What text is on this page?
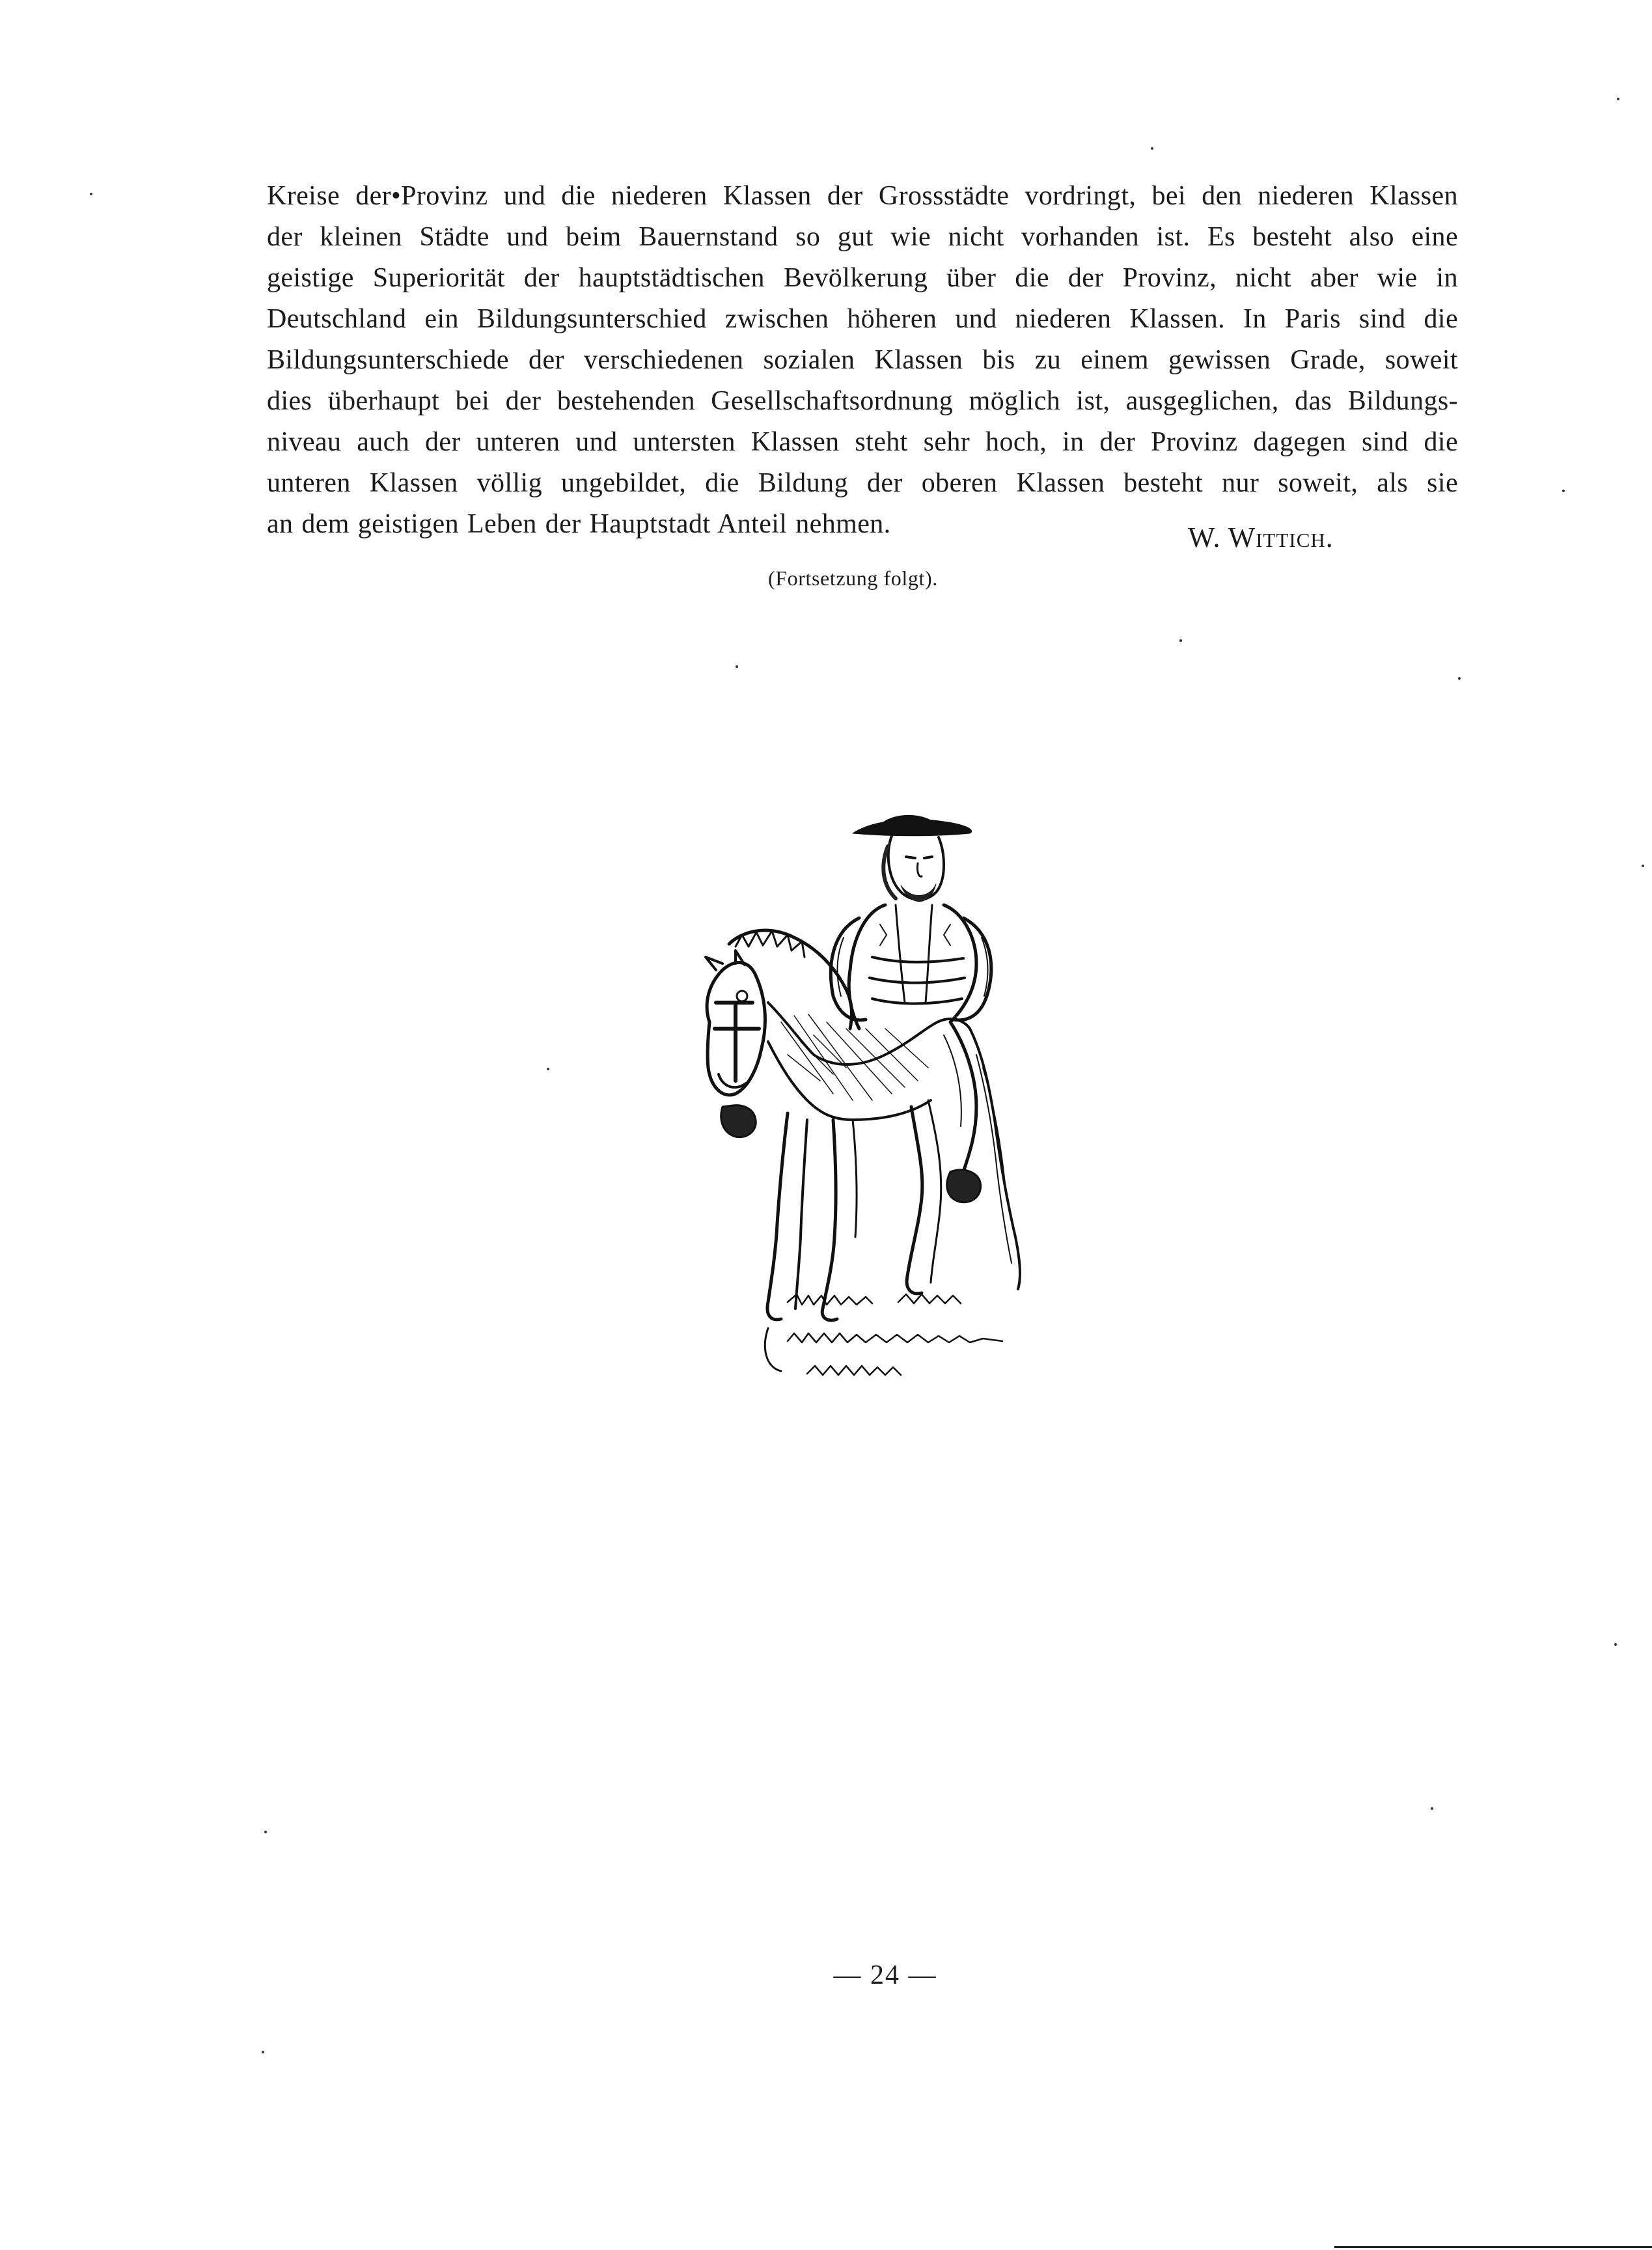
Kreise der•Provinz und die niederen Klassen der Grossstädte vordringt, bei den niederen Klassen
der kleinen Städte und beim Bauernstand so gut wie nicht vorhanden ist. Es besteht also eine
geistige Superiorität der hauptstädtischen Bevölkerung über die der Provinz, nicht aber wie in
Deutschland ein Bildungsunterschied zwischen höheren und niederen Klassen. In Paris sind die
Bildungsunterschiede der verschiedenen sozialen Klassen bis zu einem gewissen Grade, soweit
dies überhaupt bei der bestehenden Gesellschaftsordnung möglich ist, ausgeglichen, das Bildungs-
niveau auch der unteren und untersten Klassen steht sehr hoch, in der Provinz dagegen sind die
unteren Klassen völlig ungebildet, die Bildung der oberen Klassen besteht nur soweit, als sie
an dem geistigen Leben der Hauptstadt Anteil nehmen.	W. Wittich.

(Fortsetzung folgt).

— 24 —
